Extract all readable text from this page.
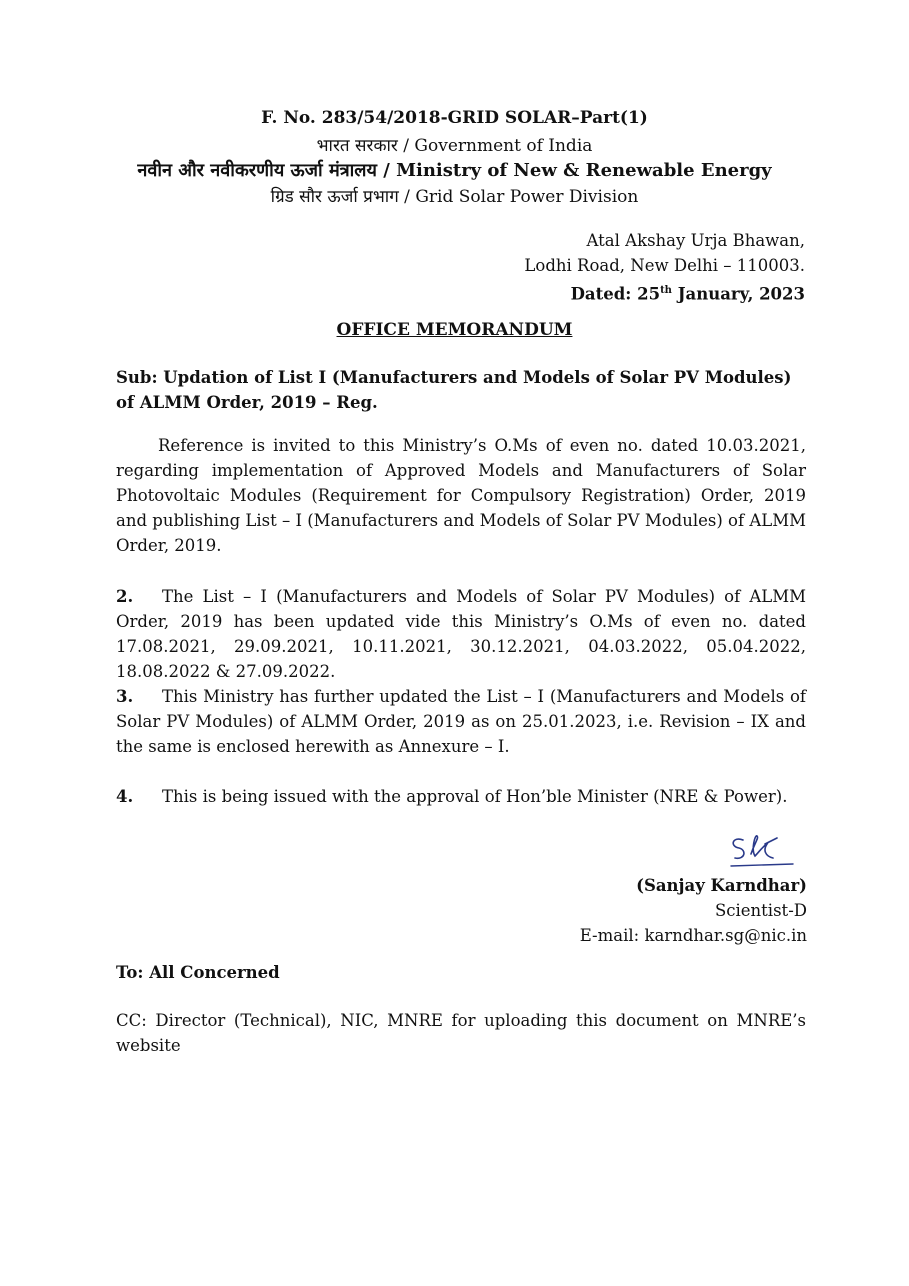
F. No. 283/54/2018-GRID SOLAR–Part(1)
भारत सरकार / Government of India
नवीन और नवीकरणीय ऊर्जा मंत्रालय / Ministry of New & Renewable Energy
ग्रिड सौर ऊर्जा प्रभाग / Grid Solar Power Division
Atal Akshay Urja Bhawan,
Lodhi Road, New Delhi – 110003.
Dated: 25th January, 2023
OFFICE MEMORANDUM
Sub: Updation of List I (Manufacturers and Models of Solar PV Modules) of ALMM Order, 2019 – Reg.
Reference is invited to this Ministry’s O.Ms of even no. dated 10.03.2021, regarding implementation of Approved Models and Manufacturers of Solar Photovoltaic Modules (Requirement for Compulsory Registration) Order, 2019 and publishing List – I (Manufacturers and Models of Solar PV Modules) of ALMM Order, 2019.
2. The List – I (Manufacturers and Models of Solar PV Modules) of ALMM Order, 2019 has been updated vide this Ministry’s O.Ms of even no. dated 17.08.2021, 29.09.2021, 10.11.2021, 30.12.2021, 04.03.2022, 05.04.2022, 18.08.2022 & 27.09.2022.
3. This Ministry has further updated the List – I (Manufacturers and Models of Solar PV Modules) of ALMM Order, 2019 as on 25.01.2023, i.e. Revision – IX and the same is enclosed herewith as Annexure – I.
4. This is being issued with the approval of Hon’ble Minister (NRE & Power).
(Sanjay Karndhar)
Scientist-D
E-mail: karndhar.sg@nic.in
To: All Concerned
CC: Director (Technical), NIC, MNRE for uploading this document on MNRE’s website
